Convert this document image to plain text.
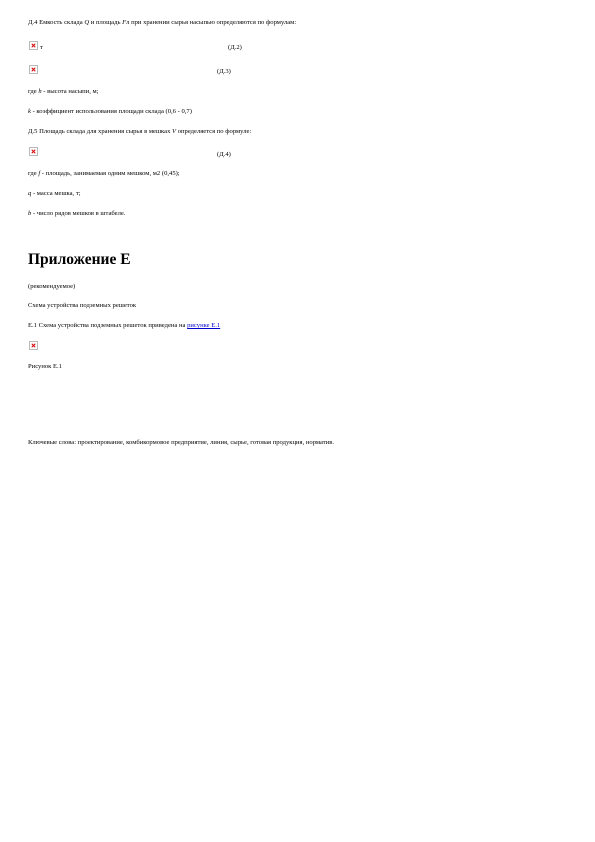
Д.4 Емкость склада Q и площадь Fл при хранении сырья насыпью определяются по формулам:
т	(Д.2)
(Д.3)
где h - высота насыпи, м;
k - коэффициент использования площади склада (0,6 - 0,7)
Д.5 Площадь склада для хранения сырья в мешках V определяется по формуле:
(Д.4)
где f - площадь, занимаемая одним мешком, м2 (0,45);
q - масса мешка, т;
b - число рядов мешков в штабеле.
Приложение Е
(рекомендуемое)
Схема устройства подземных решеток
Е.1 Схема устройства подземных решеток приведена на рисунке Е.1
Рисунок Е.1
Ключевые слова: проектирование, комбикормовое предприятие, линия, сырье, готовая продукция, норматив.
